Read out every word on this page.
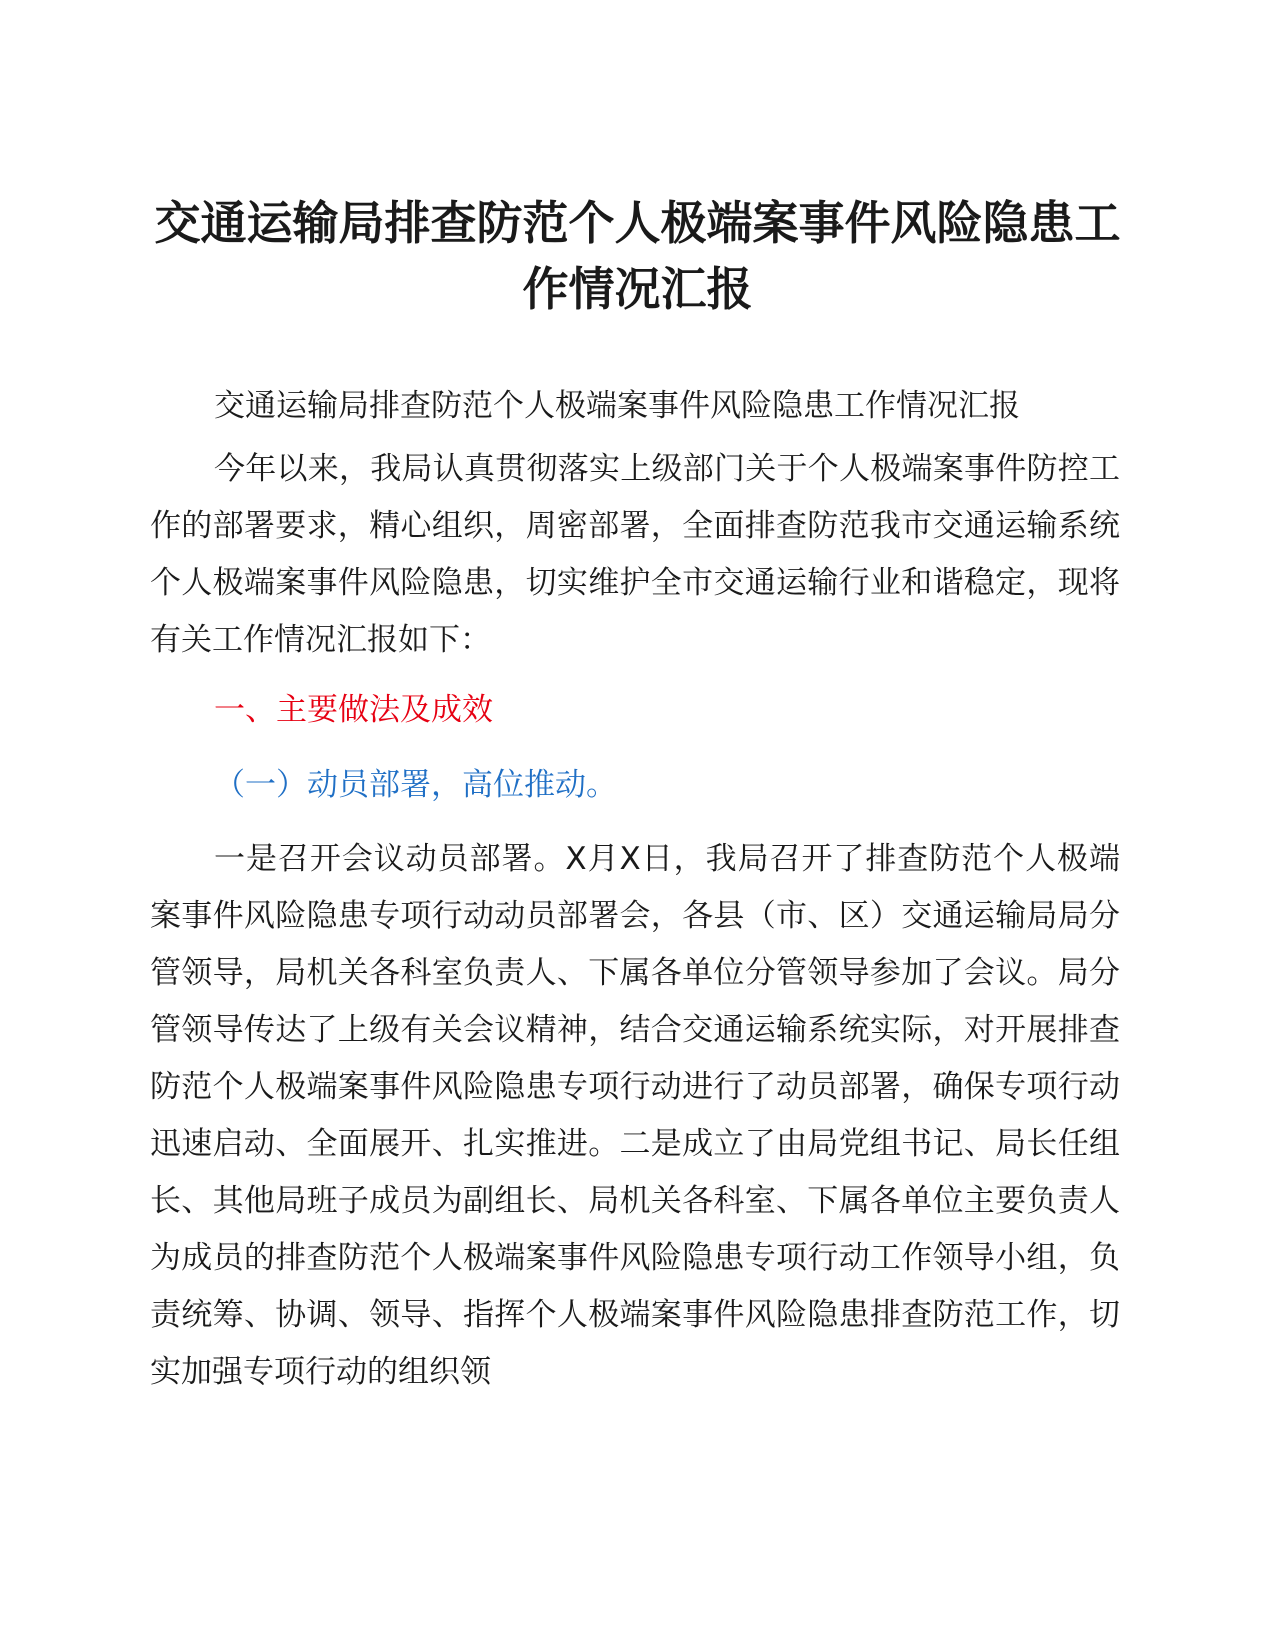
交通运输局排查防范个人极端案事件风险隐患工作情况汇报

交通运输局排查防范个人极端案事件风险隐患工作情况汇报

今年以来，我局认真贯彻落实上级部门关于个人极端案事件防控工作的部署要求，精心组织，周密部署，全面排查防范我市交通运输系统个人极端案事件风险隐患，切实维护全市交通运输行业和谐稳定，现将有关工作情况汇报如下：

一、主要做法及成效

（一）动员部署，高位推动。

一是召开会议动员部署。X月X日，我局召开了排查防范个人极端案事件风险隐患专项行动动员部署会，各县（市、区）交通运输局局分管领导，局机关各科室负责人、下属各单位分管领导参加了会议。局分管领导传达了上级有关会议精神，结合交通运输系统实际，对开展排查防范个人极端案事件风险隐患专项行动进行了动员部署，确保专项行动迅速启动、全面展开、扎实推进。二是成立了由局党组书记、局长任组长、其他局班子成员为副组长、局机关各科室、下属各单位主要负责人为成员的排查防范个人极端案事件风险隐患专项行动工作领导小组，负责统筹、协调、领导、指挥个人极端案事件风险隐患排查防范工作，切实加强专项行动的组织领
